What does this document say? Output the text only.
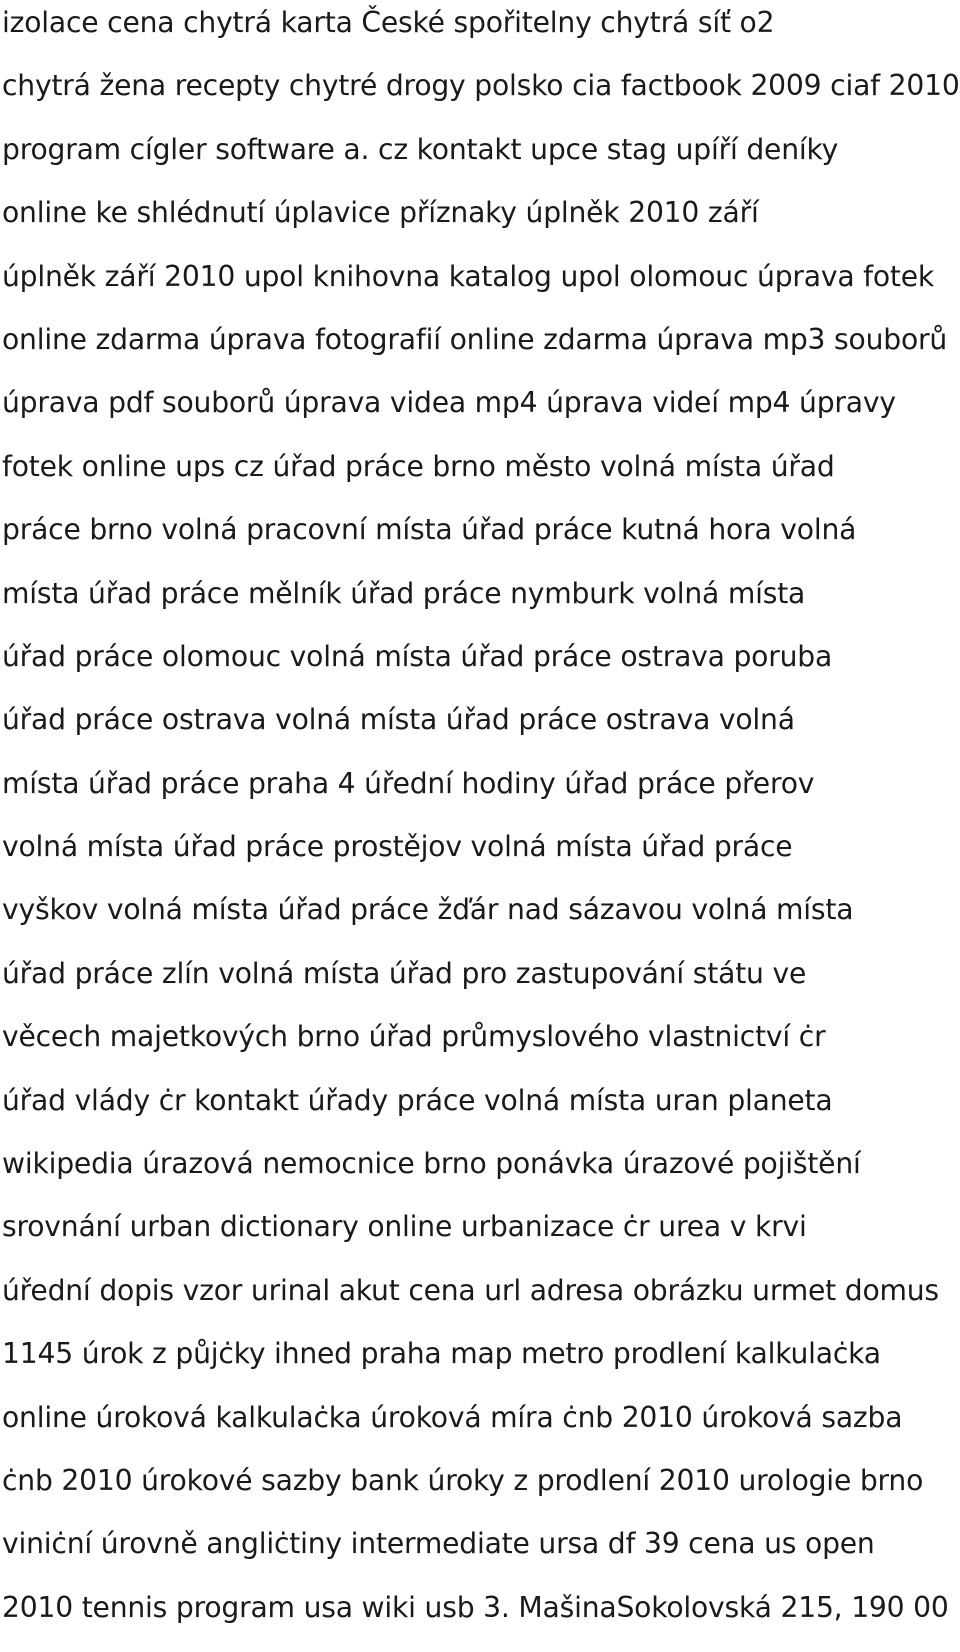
izolace cena chytrá karta České spořitelny chytrá síť o2
chytrá žena recepty chytré drogy polsko cia factbook 2009 ciaf 2010
program cígler software a. cz kontakt upce stag upíří deníky
online ke shlédnutí úplavice příznaky úplněk 2010 září
úplněk září 2010 upol knihovna katalog upol olomouc úprava fotek
online zdarma úprava fotografií online zdarma úprava mp3 souborů
úprava pdf souborů úprava videa mp4 úprava videí mp4 úpravy
fotek online ups cz úřad práce brno město volná místa úřad
práce brno volná pracovní místa úřad práce kutná hora volná
místa úřad práce mělník úřad práce nymburk volná místa
úřad práce olomouc volná místa úřad práce ostrava poruba
úřad práce ostrava volná místa úřad práce ostrava volná
místa úřad práce praha 4 úřední hodiny úřad práce přerov
volná místa úřad práce prostějov volná místa úřad práce
vyškov volná místa úřad práce žďár nad sázavou volná místa
úřad práce zlín volná místa úřad pro zastupování státu ve
věcech majetkových brno úřad průmyslového vlastnictví ċr
úřad vlády ċr kontakt úřady práce volná místa uran planeta
wikipedia úrazová nemocnice brno ponávka úrazové pojištění
srovnání urban dictionary online urbanizace ċr urea v krvi
úřední dopis vzor urinal akut cena url adresa obrázku urmet domus
1145 úrok z půjċky ihned praha map metro prodlení kalkulaċka
online úroková kalkulaċka úroková míra ċnb 2010 úroková sazba
ċnb 2010 úrokové sazby bank úroky z prodlení 2010 urologie brno
viniċní úrovně angliċtiny intermediate ursa df 39 cena us open
2010 tennis program usa wiki usb 3. MašinaSokolovská 215, 190 00
